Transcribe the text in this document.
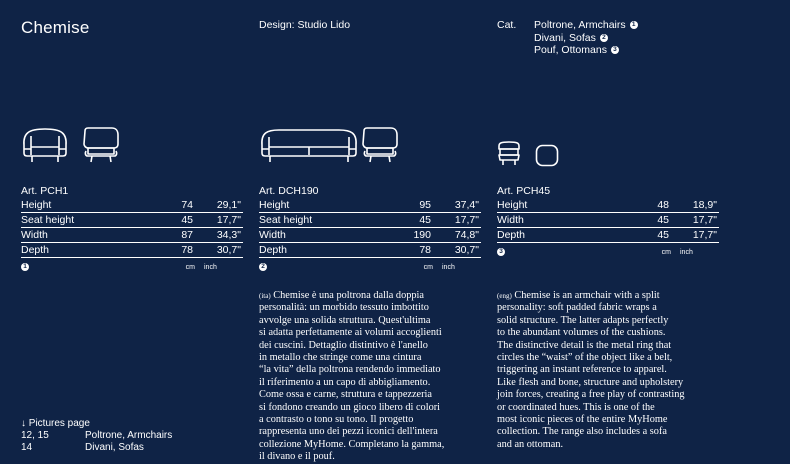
Chemise	Design: Studio Lido	Cat. Poltrone, Armchairs 1
Divani, Sofas 2
Pouf, Ottomans 3
Art. PCH1
Height	74	29,1"
Seat height	45	17,7"
Width	87	34,3"
Depth	78	30,7"
1	cm	inch
Art. DCH190
Height	95	37,4"
Seat height	45	17,7"
Width	190	74,8"
Depth	78	30,7"
2	cm	inch
Art. PCH45
Height	48	18,9"
Width	45	17,7"
Depth	45	17,7"
3	cm	inch
(ita) Chemise è una poltrona dalla doppia
personalità: un morbido tessuto imbottito
avvolge una solida struttura. Quest'ultima
si adatta perfettamente ai volumi accoglienti
dei cuscini. Dettaglio distintivo è l'anello
in metallo che stringe come una cintura
“la vita” della poltrona rendendo immediato
il riferimento a un capo di abbigliamento.
Come ossa e carne, struttura e tappezzeria
si fondono creando un gioco libero di colori
a contrasto o tono su tono. Il progetto
rappresenta uno dei pezzi iconici dell'intera
collezione MyHome. Completano la gamma,
il divano e il pouf.
(eng) Chemise is an armchair with a split
personality: soft padded fabric wraps a
solid structure. The latter adapts perfectly
to the abundant volumes of the cushions.
The distinctive detail is the metal ring that
circles the “waist” of the object like a belt,
triggering an instant reference to apparel.
Like flesh and bone, structure and upholstery
join forces, creating a free play of contrasting
or coordinated hues. This is one of the
most iconic pieces of the entire MyHome
collection. The range also includes a sofa
and an ottoman.
↓ Pictures page
12, 15	Poltrone, Armchairs
14	Divani, Sofas
